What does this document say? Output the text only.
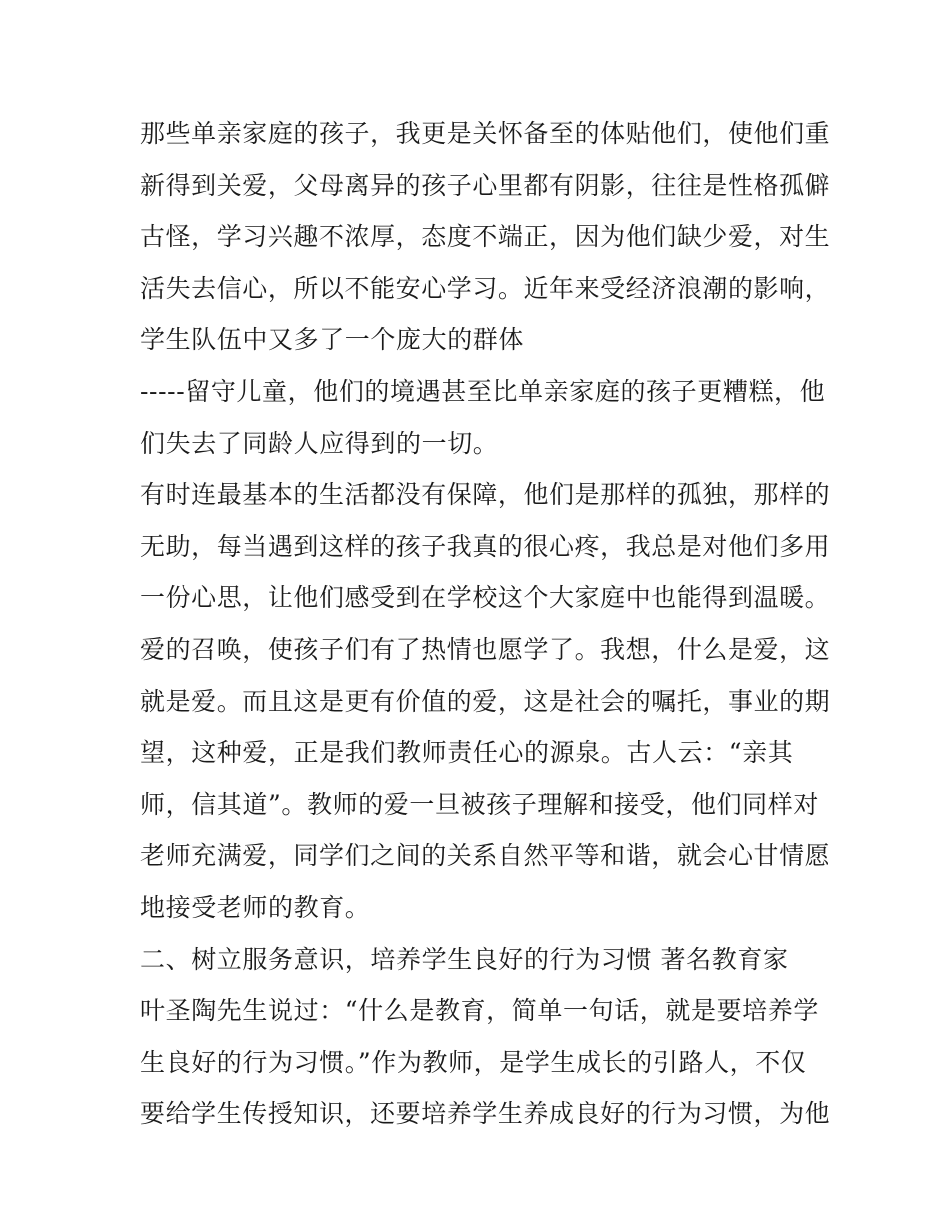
那些单亲家庭的孩子，我更是关怀备至的体贴他们，使他们重
新得到关爱，父母离异的孩子心里都有阴影，往往是性格孤僻
古怪，学习兴趣不浓厚，态度不端正，因为他们缺少爱，对生
活失去信心，所以不能安心学习。近年来受经济浪潮的影响，
学生队伍中又多了一个庞大的群体
-----留守儿童，他们的境遇甚至比单亲家庭的孩子更糟糕，他
们失去了同龄人应得到的一切。
有时连最基本的生活都没有保障，他们是那样的孤独，那样的
无助，每当遇到这样的孩子我真的很心疼，我总是对他们多用
一份心思，让他们感受到在学校这个大家庭中也能得到温暖。
爱的召唤，使孩子们有了热情也愿学了。我想，什么是爱，这
就是爱。而且这是更有价值的爱，这是社会的嘱托，事业的期
望，这种爱，正是我们教师责任心的源泉。古人云：“亲其
师，信其道”。教师的爱一旦被孩子理解和接受，他们同样对
老师充满爱，同学们之间的关系自然平等和谐，就会心甘情愿
地接受老师的教育。
二、树立服务意识，培养学生良好的行为习惯 著名教育家
叶圣陶先生说过：“什么是教育，简单一句话，就是要培养学
生良好的行为习惯。”作为教师，是学生成长的引路人，不仅
要给学生传授知识，还要培养学生养成良好的行为习惯，为他
